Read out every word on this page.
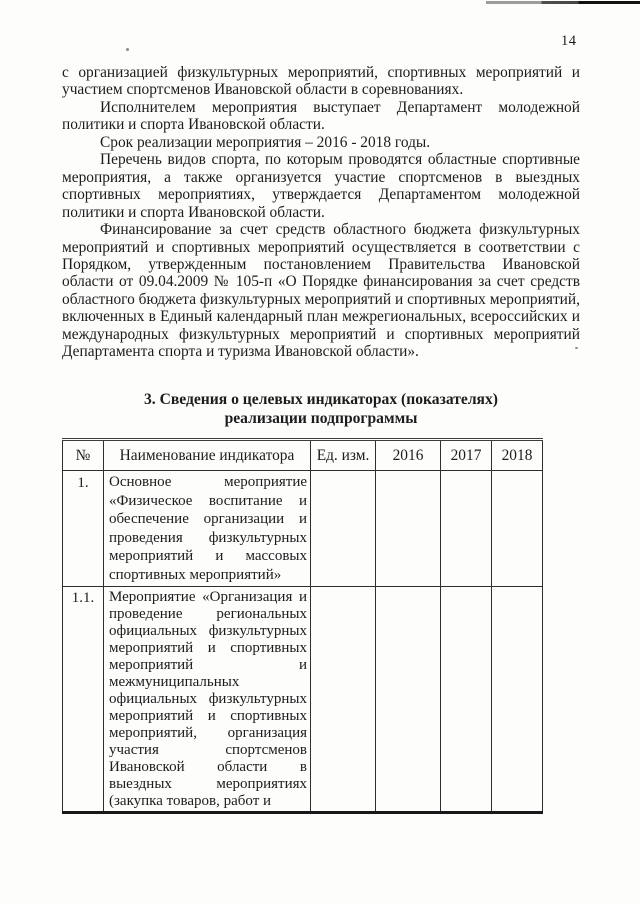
14

с организацией физкультурных мероприятий, спортивных мероприятий и участием спортсменов Ивановской области в соревнованиях.

Исполнителем мероприятия выступает Департамент молодежной политики и спорта Ивановской области.

Срок реализации мероприятия – 2016 - 2018 годы.

Перечень видов спорта, по которым проводятся областные спортивные мероприятия, а также организуется участие спортсменов в выездных спортивных мероприятиях, утверждается Департаментом молодежной политики и спорта Ивановской области.

Финансирование за счет средств областного бюджета физкультурных мероприятий и спортивных мероприятий осуществляется в соответствии с Порядком, утвержденным постановлением Правительства Ивановской области от 09.04.2009 № 105-п «О Порядке финансирования за счет средств областного бюджета физкультурных мероприятий и спортивных мероприятий, включенных в Единый календарный план межрегиональных, всероссийских и международных физкультурных мероприятий и спортивных мероприятий Департамента спорта и туризма Ивановской области».

3. Сведения о целевых индикаторах (показателях)
реализации подпрограммы
№	Наименование индикатора	Ед. изм.	2016	2017	2018
1.	Основное мероприятие «Физическое воспитание и обеспечение организации и проведения физкультурных мероприятий и массовых спортивных мероприятий»				
1.1.	Мероприятие «Организация и проведение региональных официальных физкультурных мероприятий и спортивных мероприятий и межмуниципальных официальных физкультурных мероприятий и спортивных мероприятий, организация участия спортсменов Ивановской области в выездных мероприятиях (закупка товаров, работ и				
